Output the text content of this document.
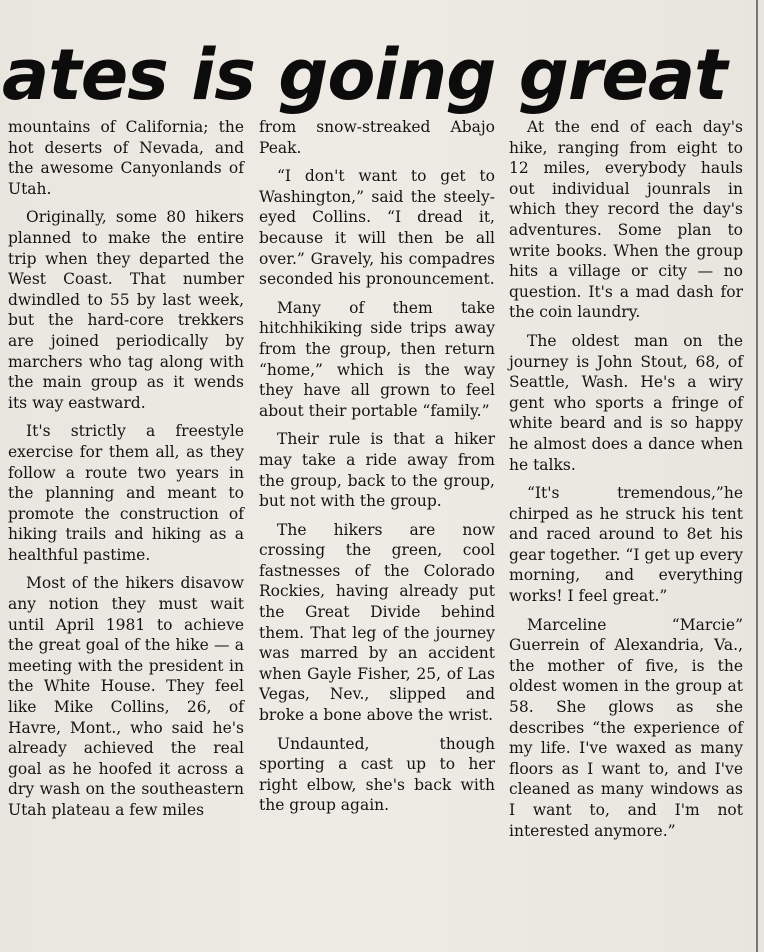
ates is going great

mountains of California; the hot deserts of Nevada, and the awesome Canyonlands of Utah.

Originally, some 80 hikers planned to make the entire trip when they departed the West Coast. That number dwindled to 55 by last week, but the hard-core trekkers are joined periodically by marchers who tag along with the main group as it wends its way eastward.

It's strictly a freestyle exercise for them all, as they follow a route two years in the planning and meant to promote the construction of hiking trails and hiking as a healthful pastime.

Most of the hikers disavow any notion they must wait until April 1981 to achieve the great goal of the hike — a meeting with the president in the White House. They feel like Mike Collins, 26, of Havre, Mont., who said he's already achieved the real goal as he hoofed it across a dry wash on the southeastern Utah plateau a few miles

from snow-streaked Abajo Peak.

“I don't want to get to Washington,” said the steely-eyed Collins. “I dread it, because it will then be all over.” Gravely, his compadres seconded his pronouncement.

Many of them take hitchhikiking side trips away from the group, then return “home,” which is the way they have all grown to feel about their portable “family.”

Their rule is that a hiker may take a ride away from the group, back to the group, but not with the group.

The hikers are now crossing the green, cool fastnesses of the Colorado Rockies, having already put the Great Divide behind them. That leg of the journey was marred by an accident when Gayle Fisher, 25, of Las Vegas, Nev., slipped and broke a bone above the wrist.

Undaunted, though sporting a cast up to her right elbow, she's back with the group again.

At the end of each day's hike, ranging from eight to 12 miles, everybody hauls out individual jounrals in which they record the day's adventures. Some plan to write books. When the group hits a village or city — no question. It's a mad dash for the coin laundry.

The oldest man on the journey is John Stout, 68, of Seattle, Wash. He's a wiry gent who sports a fringe of white beard and is so happy he almost does a dance when he talks.

“It's tremendous,”he chirped as he struck his tent and raced around to 8et his gear together. “I get up every morning, and everything works! I feel great.”

Marceline “Marcie” Guerrein of Alexandria, Va., the mother of five, is the oldest women in the group at 58. She glows as she describes “the experience of my life. I've waxed as many floors as I want to, and I've cleaned as many windows as I want to, and I'm not interested anymore.”
